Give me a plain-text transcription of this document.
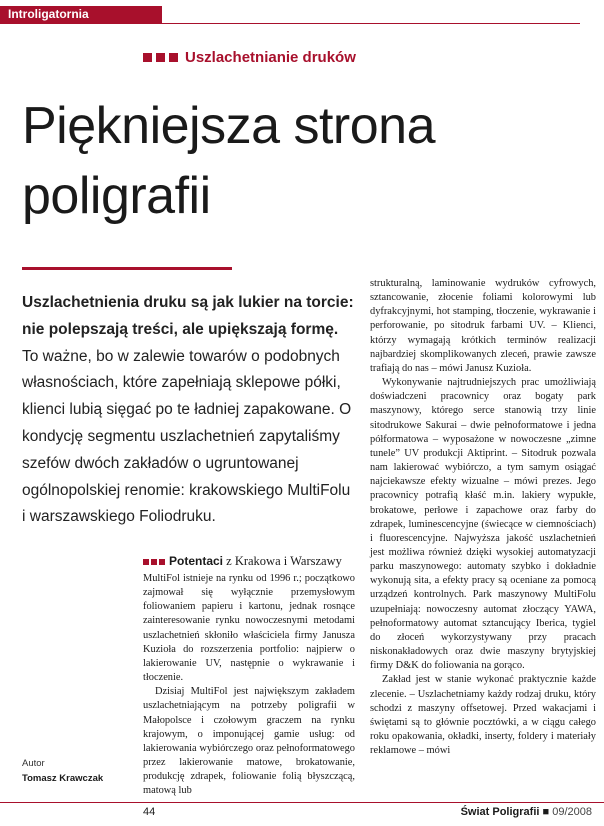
Introligatornia
Uszlachetnianie druków
Piękniejsza strona
poligrafii
Uszlachetnienia druku są jak lukier na torcie: nie polepszają treści, ale upiększają formę. To ważne, bo w zalewie towarów o podobnych własnościach, które zapełniają sklepowe półki, klienci lubią sięgać po te ładniej zapakowane. O kondycję segmentu uszlachetnień zapytaliśmy szefów dwóch zakładów o ugruntowanej ogólnopolskiej renomie: krakowskiego MultiFolu i warszawskiego Foliodruku.
Potentaci z Krakowa i Warszawy

MultiFol istnieje na rynku od 1996 r.; początkowo zajmował się wyłącznie przemysłowym foliowaniem papieru i kartonu, jednak rosnące zainteresowanie rynku nowoczesnymi metodami uszlachetnień skłoniło właściciela firmy Janusza Kuzioła do rozszerzenia portfolio: najpierw o lakierowanie UV, następnie o wykrawanie i tłoczenie.

Dzisiaj MultiFol jest największym zakładem uszlachetniającym na potrzeby poligrafii w Małopolsce i czołowym graczem na rynku krajowym, o imponującej gamie usług: od lakierowania wybiórczego oraz pełnoformatowego przez lakierowanie matowe, brokatowanie, produkcję zdrapek, foliowanie folią błyszczącą, matową lub

strukturalną, laminowanie wydruków cyfrowych, sztancowanie, złocenie foliami kolorowymi lub dyfrakcyjnymi, hot stamping, tłoczenie, wykrawanie i perforowanie, po sitodruk farbami UV. – Klienci, którzy wymagają krótkich terminów realizacji najbardziej skomplikowanych zleceń, prawie zawsze trafiają do nas – mówi Janusz Kuzioła.

Wykonywanie najtrudniejszych prac umożliwiają doświadczeni pracownicy oraz bogaty park maszynowy, którego serce stanowią trzy linie sitodrukowe Sakurai – dwie pełnoformatowe i jedna półformatowa – wyposażone w nowoczesne „zimne tunele” UV produkcji Aktiprint. – Sitodruk pozwala nam lakierować wybiórczo, a tym samym osiągać najciekawsze efekty wizualne – mówi prezes. Jego pracownicy potrafią kłaść m.in. lakiery wypukłe, brokatowe, perłowe i zapachowe oraz farby do zdrapek, luminescencyjne (świecące w ciemnościach) i fluorescencyjne. Najwyższa jakość uszlachetnień jest możliwa również dzięki wysokiej automatyzacji parku maszynowego: automaty szybko i dokładnie wykonują sita, a efekty pracy są oceniane za pomocą urządzeń kontrolnych. Park maszynowy MultiFolu uzupełniają: nowoczesny automat złoczący YAWA, pełnoformatowy automat sztancujący Iberica, tygiel do złoceń wykorzystywany przy pracach niskonakładowych oraz dwie maszyny brytyjskiej firmy D&K do foliowania na gorąco.

Zakład jest w stanie wykonać praktycznie każde zlecenie. – Uszlachetniamy każdy rodzaj druku, który schodzi z maszyny offsetowej. Przed wakacjami i świętami są to głównie pocztówki, a w ciągu całego roku opakowania, okładki, inserty, foldery i materiały reklamowe – mówi

Autor
Tomasz Krawczak
44	Świat Poligrafii ■ 09/2008
